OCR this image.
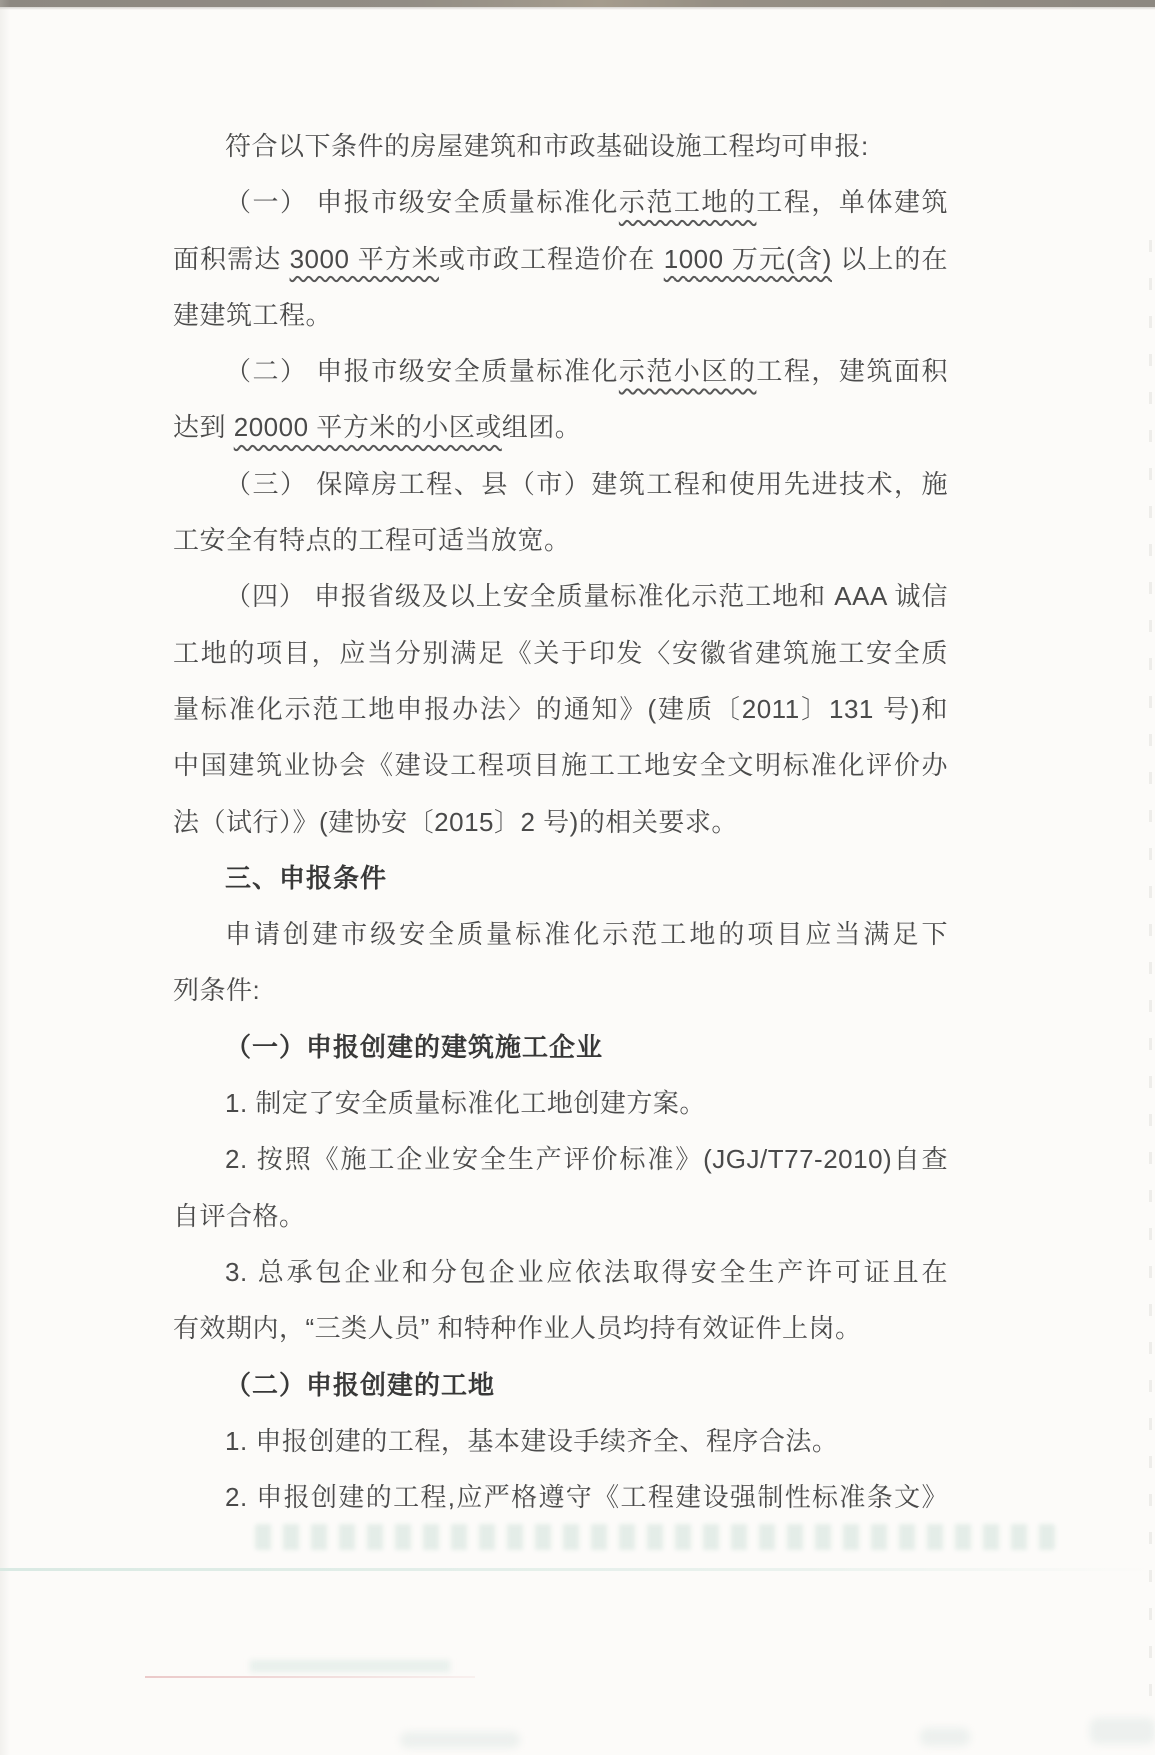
符合以下条件的房屋建筑和市政基础设施工程均可申报:
（一） 申报市级安全质量标准化示范工地的工程，单体建筑
面积需达 3000 平方米或市政工程造价在 1000 万元(含) 以上的在
建建筑工程。
（二） 申报市级安全质量标准化示范小区的工程，建筑面积
达到 20000 平方米的小区或组团。
（三） 保障房工程、县（市）建筑工程和使用先进技术，施
工安全有特点的工程可适当放宽。
（四） 申报省级及以上安全质量标准化示范工地和 AAA 诚信
工地的项目，应当分别满足《关于印发〈安徽省建筑施工安全质
量标准化示范工地申报办法〉的通知》(建质〔2011〕131 号)和
中国建筑业协会《建设工程项目施工工地安全文明标准化评价办
法（试行）》(建协安〔2015〕2 号)的相关要求。
三、申报条件
申请创建市级安全质量标准化示范工地的项目应当满足下
列条件:
（一）申报创建的建筑施工企业
1. 制定了安全质量标准化工地创建方案。
2. 按照《施工企业安全生产评价标准》(JGJ/T77-2010)自查
自评合格。
3. 总承包企业和分包企业应依法取得安全生产许可证且在
有效期内，“三类人员” 和特种作业人员均持有效证件上岗。
（二）申报创建的工地
1. 申报创建的工程，基本建设手续齐全、程序合法。
2. 申报创建的工程,应严格遵守《工程建设强制性标准条文》
